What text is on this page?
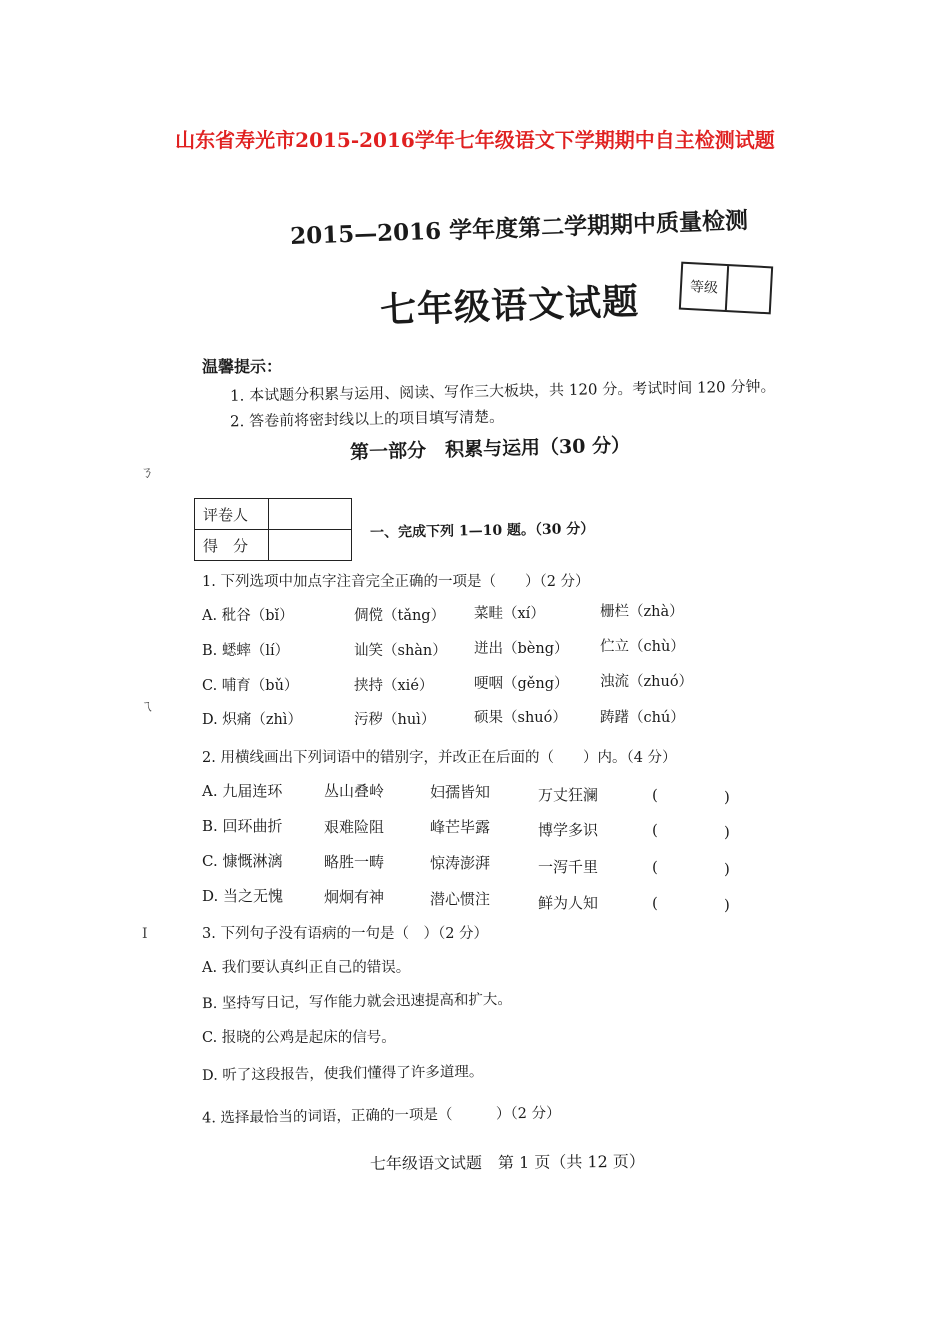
山东省寿光市2015-2016学年七年级语文下学期期中自主检测试题
ㄋ
ㄟ
I
2015—2016 学年度第二学期期中质量检测
七年级语文试题	等级
温馨提示：
1. 本试题分积累与运用、阅读、写作三大板块，共 120 分。考试时间 120 分钟。
2. 答卷前将密封线以上的项目填写清楚。
第一部分　积累与运用（30 分）
评卷人	
得　分	
一、完成下列 1—10 题。（30 分）
1. 下列选项中加点字注音完全正确的一项是（　　）（2 分）
A. 秕谷（bǐ）	倜傥（tǎng） 菜畦（xí）	栅栏（zhà）
B. 蟋蟀（lí）	讪笑（shàn） 迸出（bèng） 伫立（chù）
C. 哺育（bǔ）	挟持（xié）	哽咽（gěng） 浊流（zhuó）
D. 炽痛（zhì）	污秽（huì）	硕果（shuó） 踌躇（chú）
2. 用横线画出下列词语中的错别字，并改正在后面的（　　）内。（4 分）
A. 九届连环	丛山叠岭	妇孺皆知	万丈狂澜	(	)
B. 回环曲折	艰难险阻	峰芒毕露	博学多识	(	)
C. 慷慨淋漓	略胜一畴	惊涛澎湃	一泻千里	(	)
D. 当之无愧	炯炯有神	潜心惯注	鲜为人知	(	)
3. 下列句子没有语病的一句是（　）（2 分）
A. 我们要认真纠正自己的错误。
B. 坚持写日记，写作能力就会迅速提高和扩大。
C. 报晓的公鸡是起床的信号。
D. 听了这段报告，使我们懂得了许多道理。
4. 选择最恰当的词语，正确的一项是（　　　）（2 分）
七年级语文试题　第 1 页（共 12 页）
